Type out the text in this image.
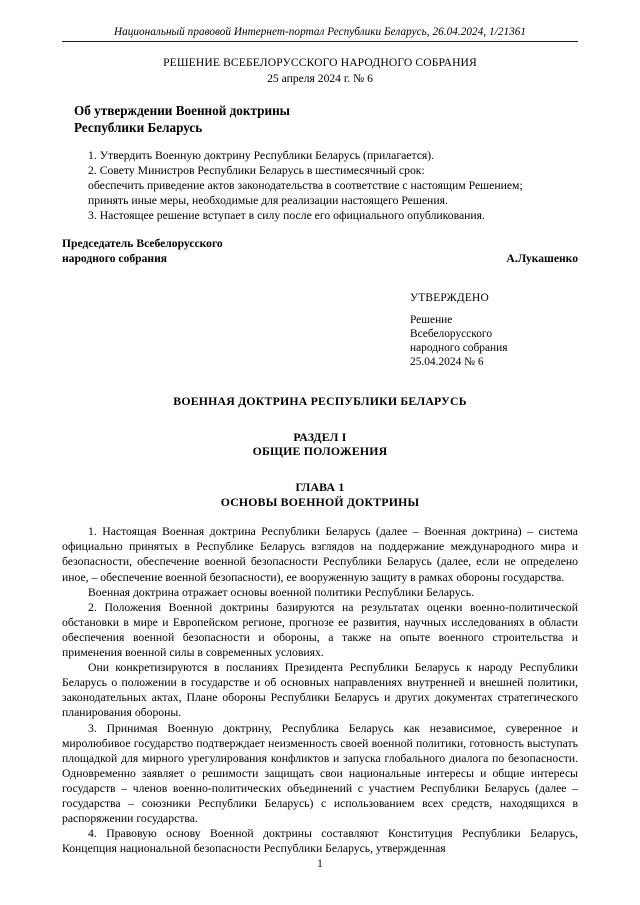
Национальный правовой Интернет-портал Республики Беларусь, 26.04.2024, 1/21361
РЕШЕНИЕ ВСЕБЕЛОРУССКОГО НАРОДНОГО СОБРАНИЯ
25 апреля 2024 г. № 6
Об утверждении Военной доктрины
Республики Беларусь

1. Утвердить Военную доктрину Республики Беларусь (прилагается).

2. Совету Министров Республики Беларусь в шестимесячный срок:

обеспечить приведение актов законодательства в соответствие с настоящим Решением;

принять иные меры, необходимые для реализации настоящего Решения.

3. Настоящее решение вступает в силу после его официального опубликования.

Председатель Всебелорусского
народного собрания	А.Лукашенко
УТВЕРЖДЕНО
Решение
Всебелорусского
народного собрания
25.04.2024 № 6
ВОЕННАЯ ДОКТРИНА РЕСПУБЛИКИ БЕЛАРУСЬ
РАЗДЕЛ I
ОБЩИЕ ПОЛОЖЕНИЯ
ГЛАВА 1
ОСНОВЫ ВОЕННОЙ ДОКТРИНЫ

1. Настоящая Военная доктрина Республики Беларусь (далее – Военная доктрина) – система официально принятых в Республике Беларусь взглядов на поддержание международного мира и безопасности, обеспечение военной безопасности Республики Беларусь (далее, если не определено иное, – обеспечение военной безопасности), ее вооруженную защиту в рамках обороны государства.

Военная доктрина отражает основы военной политики Республики Беларусь.

2. Положения Военной доктрины базируются на результатах оценки военно-политической обстановки в мире и Европейском регионе, прогнозе ее развития, научных исследованиях в области обеспечения военной безопасности и обороны, а также на опыте военного строительства и применения военной силы в современных условиях.

Они конкретизируются в посланиях Президента Республики Беларусь к народу Республики Беларусь о положении в государстве и об основных направлениях внутренней и внешней политики, законодательных актах, Плане обороны Республики Беларусь и других документах стратегического планирования обороны.

3. Принимая Военную доктрину, Республика Беларусь как независимое, суверенное и миролюбивое государство подтверждает неизменность своей военной политики, готовность выступать площадкой для мирного урегулирования конфликтов и запуска глобального диалога по безопасности. Одновременно заявляет о решимости защищать свои национальные интересы и общие интересы государств – членов военно-политических объединений с участием Республики Беларусь (далее – государства – союзники Республики Беларусь) с использованием всех средств, находящихся в распоряжении государства.

4. Правовую основу Военной доктрины составляют Конституция Республики Беларусь, Концепция национальной безопасности Республики Беларусь, утвержденная

1
